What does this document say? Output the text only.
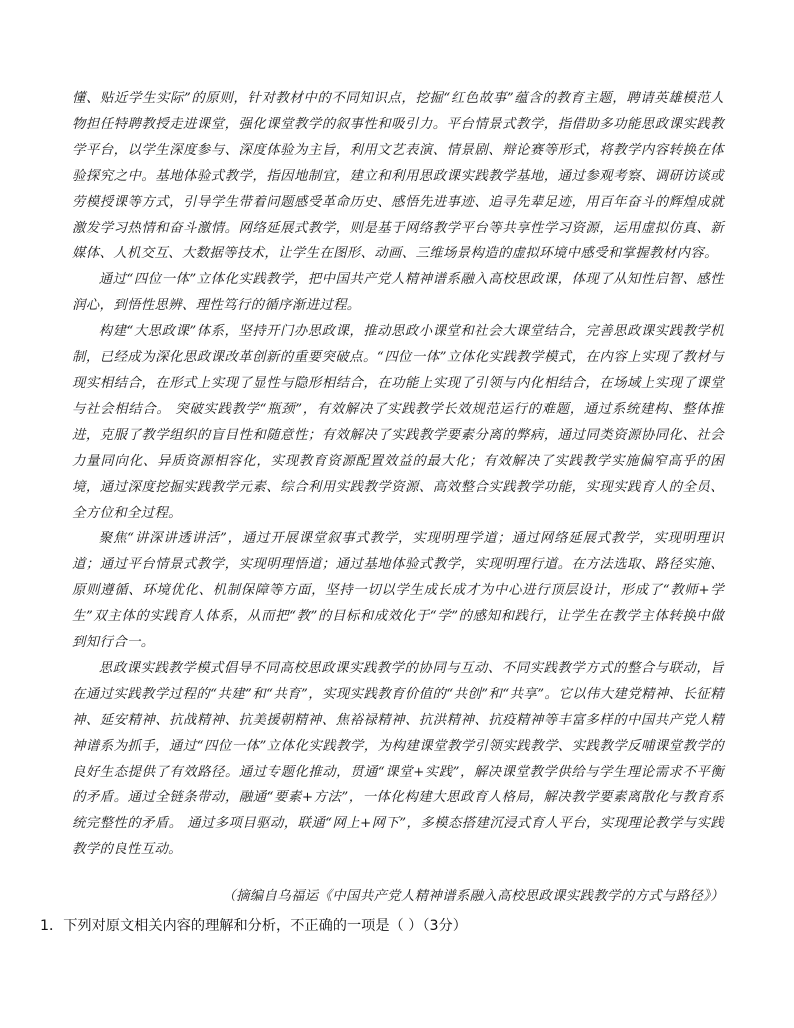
懂、贴近学生实际”的原则，针对教材中的不同知识点，挖掘“红色故事”蕴含的教育主题，聘请英雄模范人物担任特聘教授走进课堂，强化课堂教学的叙事性和吸引力。平台情景式教学，指借助多功能思政课实践教学平台，以学生深度参与、深度体验为主旨，利用文艺表演、情景剧、辩论赛等形式，将教学内容转换在体验探究之中。基地体验式教学，指因地制宜，建立和利用思政课实践教学基地，通过参观考察、调研访谈或劳模授课等方式，引导学生带着问题感受革命历史、感悟先进事迹、追寻先辈足迹，用百年奋斗的辉煌成就激发学习热情和奋斗激情。网络延展式教学，则是基于网络教学平台等共享性学习资源，运用虚拟仿真、新媒体、人机交互、大数据等技术，让学生在图形、动画、三维场景构造的虚拟环境中感受和掌握教材内容。

通过“四位一体”立体化实践教学，把中国共产党人精神谱系融入高校思政课，体现了从知性启智、感性润心，到悟性思辨、理性笃行的循序渐进过程。

构建“大思政课”体系，坚持开门办思政课，推动思政小课堂和社会大课堂结合，完善思政课实践教学机制，已经成为深化思政课改革创新的重要突破点。“四位一体”立体化实践教学模式，在内容上实现了教材与现实相结合，在形式上实现了显性与隐形相结合，在功能上实现了引领与内化相结合，在场域上实现了课堂与社会相结合。 突破实践教学“瓶颈”，有效解决了实践教学长效规范运行的难题，通过系统建构、整体推进，克服了教学组织的盲目性和随意性；有效解决了实践教学要素分离的弊病，通过同类资源协同化、社会力量同向化、异质资源相容化，实现教育资源配置效益的最大化；有效解决了实践教学实施偏窄高乎的困境，通过深度挖掘实践教学元素、综合利用实践教学资源、高效整合实践教学功能，实现实践育人的全员、全方位和全过程。

聚焦“讲深讲透讲活”，通过开展课堂叙事式教学，实现明理学道；通过网络延展式教学，实现明理识道；通过平台情景式教学，实现明理悟道；通过基地体验式教学，实现明理行道。在方法选取、路径实施、原则遵循、环境优化、机制保障等方面，坚持一切以学生成长成才为中心进行顶层设计，形成了“教师+学生”双主体的实践育人体系，从而把“教”的目标和成效化于“学”的感知和践行，让学生在教学主体转换中做到知行合一。

思政课实践教学模式倡导不同高校思政课实践教学的协同与互动、不同实践教学方式的整合与联动，旨在通过实践教学过程的“共建”和“共育”，实现实践教育价值的“共创”和“共享”。它以伟大建党精神、长征精神、延安精神、抗战精神、抗美援朝精神、焦裕禄精神、抗洪精神、抗疫精神等丰富多样的中国共产党人精神谱系为抓手，通过“四位一体”立体化实践教学，为构建课堂教学引领实践教学、实践教学反哺课堂教学的良好生态提供了有效路径。通过专题化推动，贯通“课堂+实践”，解决课堂教学供给与学生理论需求不平衡的矛盾。通过全链条带动，融通“要素+方法”，一体化构建大思政育人格局，解决教学要素离散化与教育系统完整性的矛盾。 通过多项目驱动，联通“网上+网下”，多模态搭建沉浸式育人平台，实现理论教学与实践教学的良性互动。

（摘编自乌福运《中国共产党人精神谱系融入高校思政课实践教学的方式与路径》）
1．下列对原文相关内容的理解和分析，不正确的一项是（ ）（3分）
